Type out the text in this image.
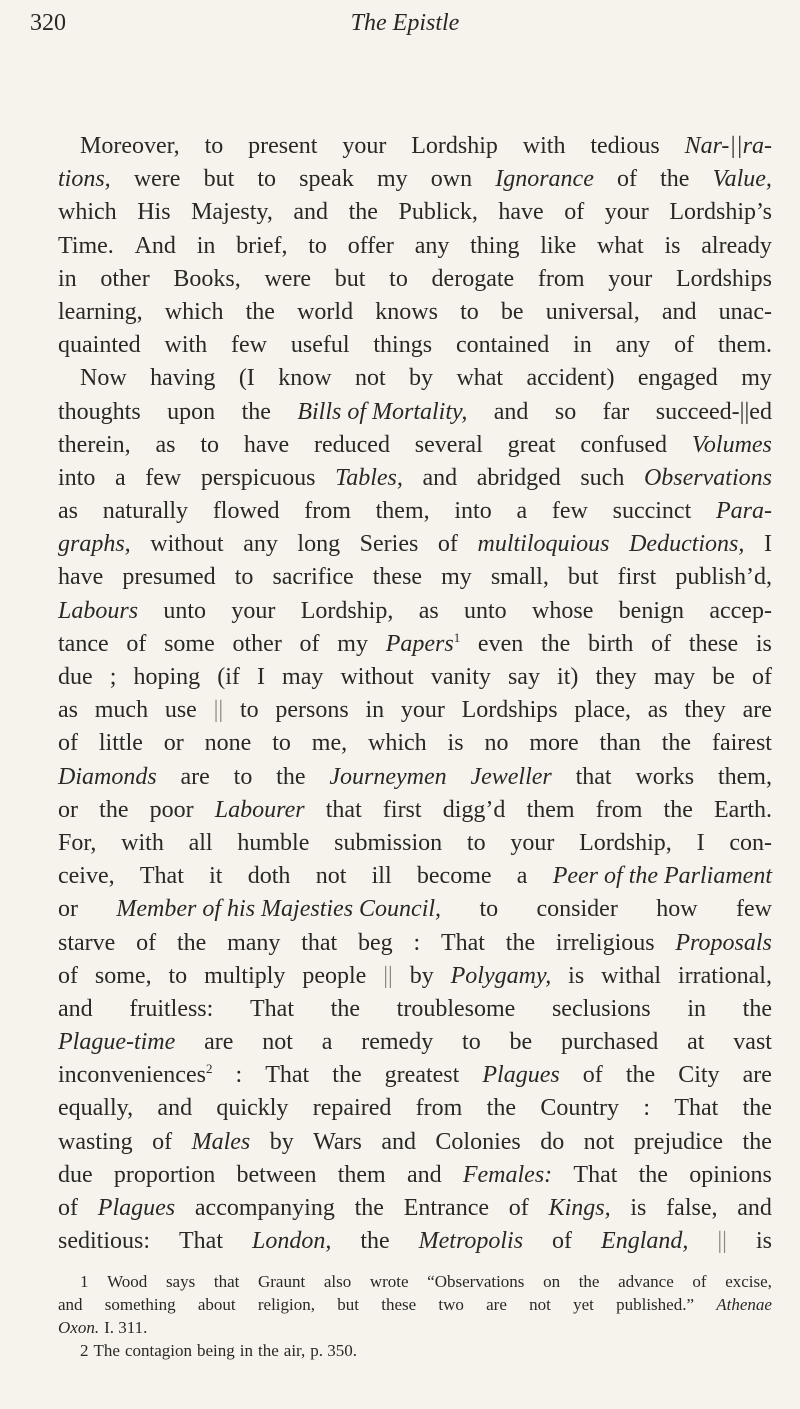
320	The Epistle
Moreover, to present your Lordship with tedious Nar-||ra-
tions, were but to speak my own Ignorance of the Value,
which His Majesty, and the Publick, have of your Lordship’s
Time. And in brief, to offer any thing like what is already
in other Books, were but to derogate from your Lordships
learning, which the world knows to be universal, and unac-
quainted with few useful things contained in any of them.
Now having (I know not by what accident) engaged my
thoughts upon the Bills of Mortality, and so far succeed-||ed
therein, as to have reduced several great confused Volumes
into a few perspicuous Tables, and abridged such Observations
as naturally flowed from them, into a few succinct Para-
graphs, without any long Series of multiloquious Deductions, I
have presumed to sacrifice these my small, but first publish’d,
Labours unto your Lordship, as unto whose benign accep-
tance of some other of my Papers$^1$ even the birth of these is
due ; hoping (if I may without vanity say it) they may be of
as much use || to persons in your Lordships place, as they are
of little or none to me, which is no more than the fairest
Diamonds are to the Journeymen Jeweller that works them,
or the poor Labourer that first digg’d them from the Earth.
For, with all humble submission to your Lordship, I con-
ceive, That it doth not ill become a Peer of the Parliament
or Member of his Majesties Council, to consider how few
starve of the many that beg : That the irreligious Proposals
of some, to multiply people || by Polygamy, is withal irrational,
and fruitless: That the troublesome seclusions in the
Plague-time are not a remedy to be purchased at vast
inconveniences$^2$ : That the greatest Plagues of the City are
equally, and quickly repaired from the Country : That the
wasting of Males by Wars and Colonies do not prejudice the
due proportion between them and Females: That the opinions
of Plagues accompanying the Entrance of Kings, is false, and
seditious: That London, the Metropolis of England, || is
1 Wood says that Graunt also wrote “Observations on the advance of excise,
and something about religion, but these two are not yet published.” Athenae
Oxon. I. 311.
2 The contagion being in the air, p. 350.
